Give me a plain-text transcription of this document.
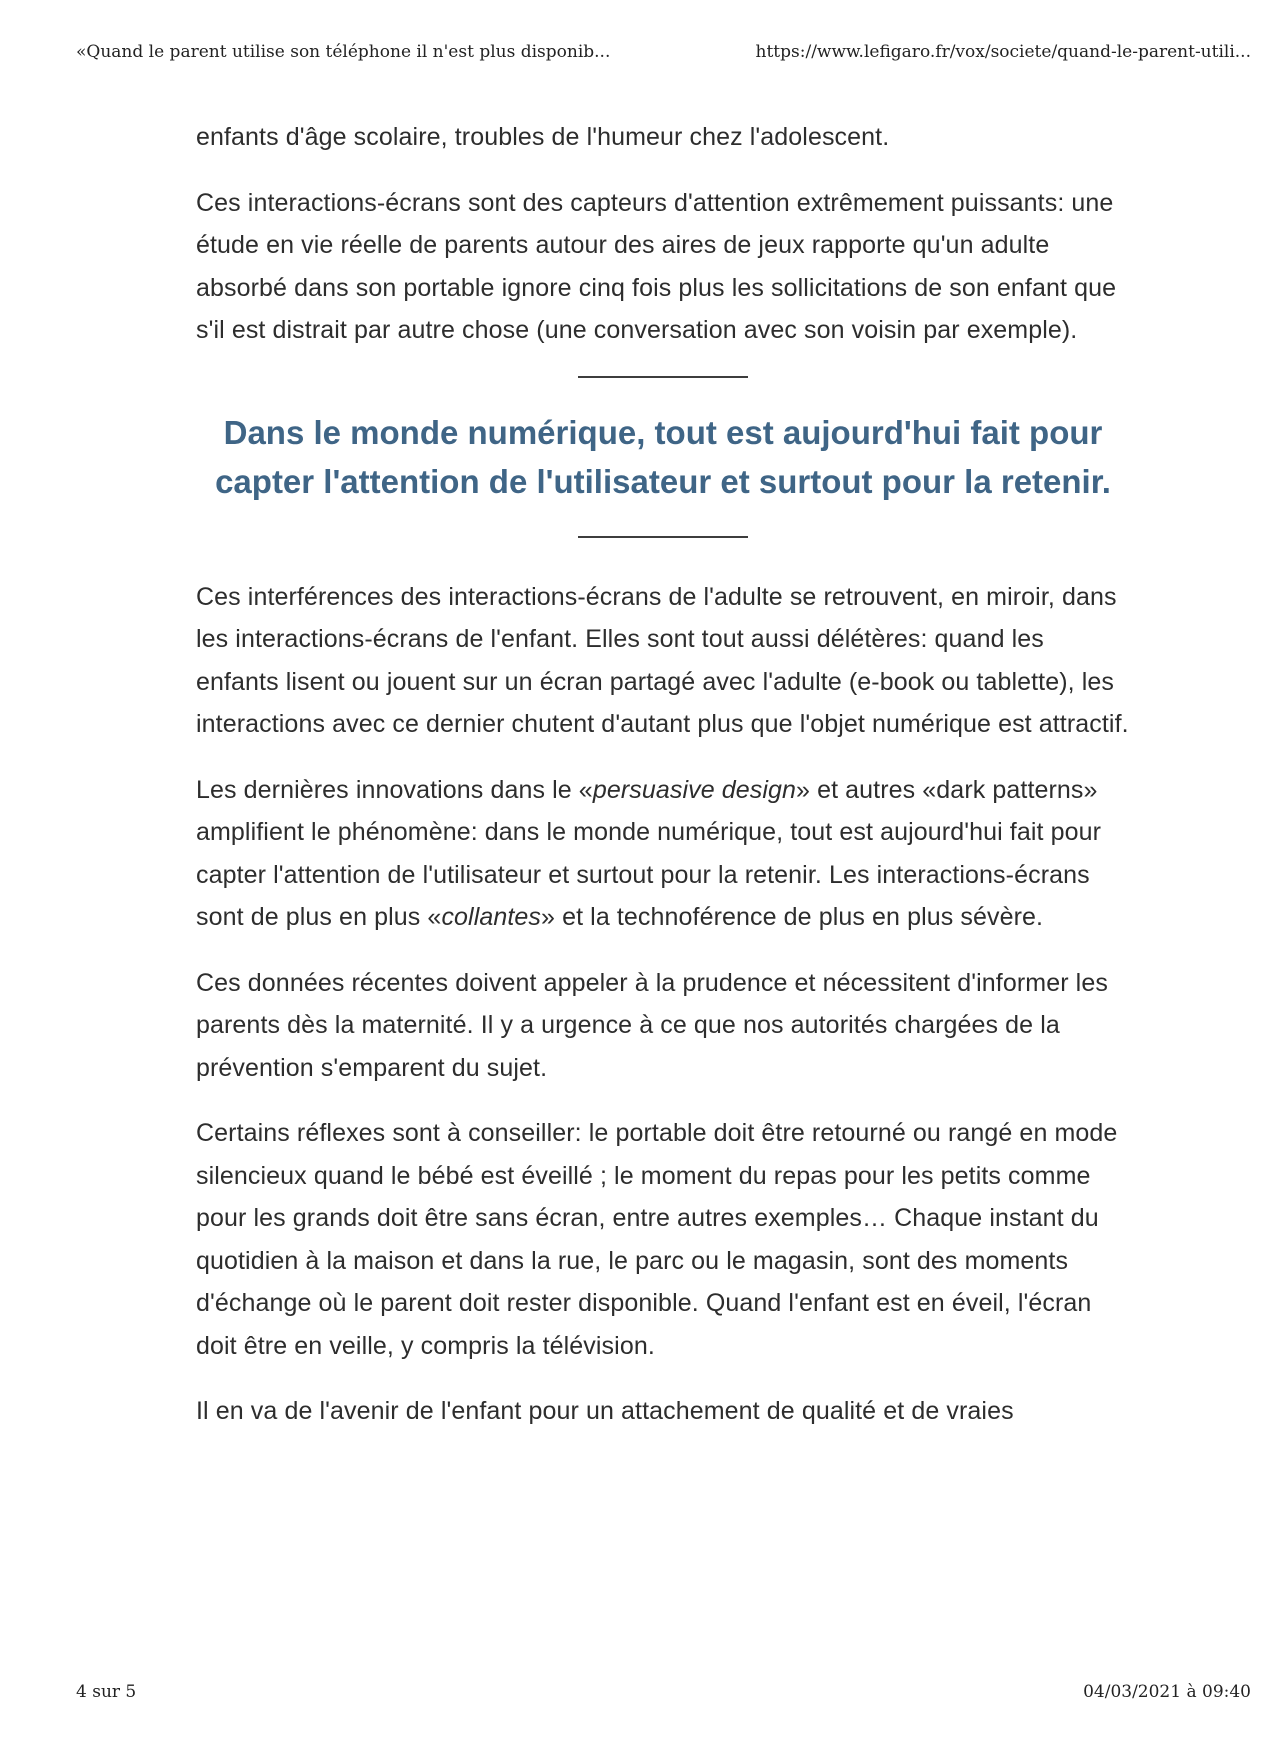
«Quand le parent utilise son téléphone il n'est plus disponib...	https://www.lefigaro.fr/vox/societe/quand-le-parent-utili...

enfants d'âge scolaire, troubles de l'humeur chez l'adolescent.

Ces interactions-écrans sont des capteurs d'attention extrêmement puissants: une étude en vie réelle de parents autour des aires de jeux rapporte qu'un adulte absorbé dans son portable ignore cinq fois plus les sollicitations de son enfant que s'il est distrait par autre chose (une conversation avec son voisin par exemple).

Dans le monde numérique, tout est aujourd'hui fait pour capter l'attention de l'utilisateur et surtout pour la retenir.

Ces interférences des interactions-écrans de l'adulte se retrouvent, en miroir, dans les interactions-écrans de l'enfant. Elles sont tout aussi délétères: quand les enfants lisent ou jouent sur un écran partagé avec l'adulte (e-book ou tablette), les interactions avec ce dernier chutent d'autant plus que l'objet numérique est attractif.

Les dernières innovations dans le «persuasive design» et autres «dark patterns» amplifient le phénomène: dans le monde numérique, tout est aujourd'hui fait pour capter l'attention de l'utilisateur et surtout pour la retenir. Les interactions-écrans sont de plus en plus «collantes» et la technoférence de plus en plus sévère.

Ces données récentes doivent appeler à la prudence et nécessitent d'informer les parents dès la maternité. Il y a urgence à ce que nos autorités chargées de la prévention s'emparent du sujet.

Certains réflexes sont à conseiller: le portable doit être retourné ou rangé en mode silencieux quand le bébé est éveillé ; le moment du repas pour les petits comme pour les grands doit être sans écran, entre autres exemples… Chaque instant du quotidien à la maison et dans la rue, le parc ou le magasin, sont des moments d'échange où le parent doit rester disponible. Quand l'enfant est en éveil, l'écran doit être en veille, y compris la télévision.

Il en va de l'avenir de l'enfant pour un attachement de qualité et de vraies

4 sur 5	04/03/2021 à 09:40
